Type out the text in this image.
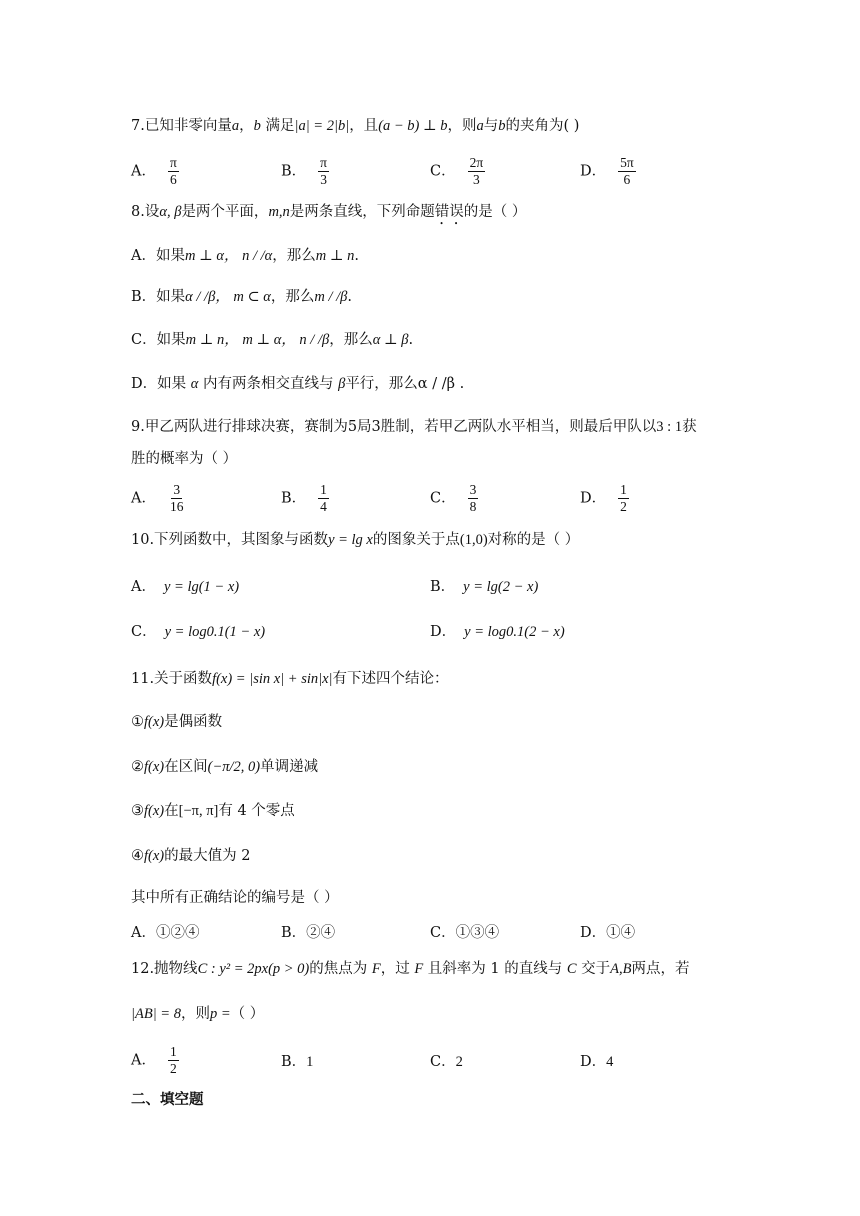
7.已知非零向量a，b 满足|a| = 2|b|，且(a − b) ⊥ b，则a与b的夹角为( )
A． $\frac{\pi}{6}$	B． $\frac{\pi}{3}$	C． $\frac{2\pi}{3}$	D． $\frac{5\pi}{6}$
8.设α, β是两个平面，m,n是两条直线，下列命题错误的是（ ）
A．如果m ⊥ α， n / /α，那么m ⊥ n.
B．如果α / /β， m ⊂ α，那么m / /β.
C．如果m ⊥ n， m ⊥ α， n / /β，那么α ⊥ β.
D．如果 α 内有两条相交直线与 β平行，那么α / /β .
9.甲乙两队进行排球决赛，赛制为5局3胜制，若甲乙两队水平相当，则最后甲队以3 : 1获
胜的概率为（ ）
A． $\frac{3}{16}$	B． $\frac{1}{4}$	C． $\frac{3}{8}$	D． $\frac{1}{2}$
10.下列函数中，其图象与函数y = lg x的图象关于点(1,0)对称的是（ ）
A． y = lg(1 − x)	B． y = lg(2 − x)
C． y = log0.1(1 − x)	D． y = log0.1(2 − x)
11.关于函数f(x) = |sin x| + sin|x|有下述四个结论：
①f(x)是偶函数
②f(x)在区间(−π/2, 0)单调递减
③f(x)在[−π, π]有 4 个零点
④f(x)的最大值为 2
其中所有正确结论的编号是（ ）
A．①②④	B．②④	C．①③④	D．①④
12.抛物线C : y² = 2px(p > 0)的焦点为 F，过 F 且斜率为 1 的直线与 C 交于A,B两点，若
|AB| = 8，则p =（ ）
A． $\frac{1}{2}$	B．1	C．2	D．4
二、填空题
